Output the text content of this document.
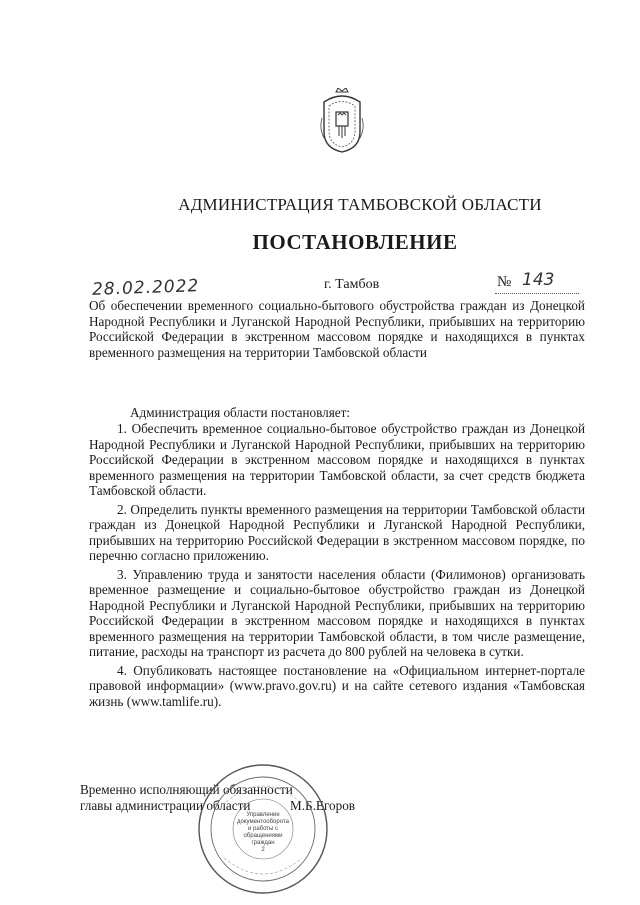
АДМИНИСТРАЦИЯ ТАМБОВСКОЙ ОБЛАСТИ
ПОСТАНОВЛЕНИЕ
28.02.2022	г. Тамбов	№ 143
Об обеспечении временного социально-бытового обустройства граждан из Донецкой Народной Республики и Луганской Народной Республики, прибывших на территорию Российской Федерации в экстренном массовом порядке и находящихся в пунктах временного размещения на территории Тамбовской области
Администрация области постановляет:

1. Обеспечить временное социально-бытовое обустройство граждан из Донецкой Народной Республики и Луганской Народной Республики, прибывших на территорию Российской Федерации в экстренном массовом порядке и находящихся в пунктах временного размещения на территории Тамбовской области, за счет средств бюджета Тамбовской области.

2. Определить пункты временного размещения на территории Тамбовской области граждан из Донецкой Народной Республики и Луганской Народной Республики, прибывших на территорию Российской Федерации в экстренном массовом порядке, по перечню согласно приложению.

3. Управлению труда и занятости населения области (Филимонов) организовать временное размещение и социально-бытовое обустройство граждан из Донецкой Народной Республики и Луганской Народной Республики, прибывших на территорию Российской Федерации в экстренном массовом порядке и находящихся в пунктах временного размещения на территории Тамбовской области, в том числе размещение, питание, расходы на транспорт из расчета до 800 рублей на человека в сутки.

4. Опубликовать настоящее постановление на «Официальном интернет-портале правовой информации» (www.pravo.gov.ru) и на сайте сетевого издания «Тамбовская жизнь (www.tamlife.ru).

Временно исполняющий обязанности
главы администрации области	М.Б.Егоров
Управление документооборота и работы с обращениями граждан
2
